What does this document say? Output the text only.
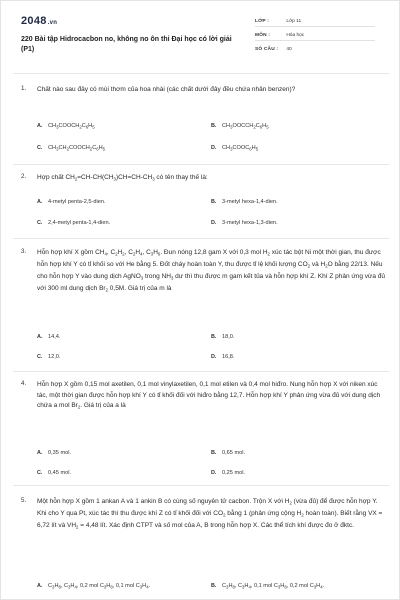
2048.vn
220 Bài tập Hidrocacbon no, không no ôn thi Đại học có lời giải (P1)
LỚP :	Lớp 11
MÔN :	Hóa học
SỐ CÂU : 40
1. Chất nào sau đây có mùi thơm của hoa nhài (các chất dưới đây đều chứa nhân benzen)?
A. $CH_3COOCH_2C_6H_5$	B. $CH_3OOCCH_2C_6H_5$
C. $CH_3CH_2COOCH_2C_6H_5$	D. $CH_3COOC_6H_5$
2. Hợp chất $CH_2=CH-CH(CH_3)CH=CH-CH_3$ có tên thay thế là:
A. 4-metyl penta-2,5-dien.	B. 3-metyl hexa-1,4-dien.
C. 2,4-metyl penta-1,4-dien.	D. 3-metyl hexa-1,3-dien.
3. Hỗn hợp khí X gồm $CH_4$, $C_2H_2$, $C_2H_4$, $C_3H_6$. Đun nóng 12,8 gam X với 0,3 mol $H_2$ xúc tác bột Ni một thời gian, thu được hỗn hợp khí Y có tỉ khối so với He bằng 5. Đốt cháy hoàn toàn Y, thu được tỉ lệ khối lượng $CO_2$ và $H_2O$ bằng 22/13. Nếu cho hỗn hợp Y vào dung dịch AgNO$_3$ trong $NH_3$ dư thì thu được m gam kết tủa và hỗn hợp khí Z. Khí Z phản ứng vừa đủ với 300 ml dung dịch $Br_2$ 0,5M. Giá trị của m là
A. 14,4.	B. 18,0.
C. 12,0.	D. 16,8.
4. Hỗn hợp X gồm 0,15 mol axetilen, 0,1 mol vinylaxetilen, 0,1 mol etilen và 0,4 mol hiđro. Nung hỗn hợp X với niken xúc tác, một thời gian được hỗn hợp khí Y có tỉ khối đối với hiđro bằng 12,7. Hỗn hợp khí Y phản ứng vừa đủ với dung dịch chứa a mol $Br_2$. Giá trị của a là
A. 0,35 mol.	B. 0,65 mol.
C. 0,45 mol.	D. 0,25 mol.
5. Một hỗn hợp X gồm 1 ankan A và 1 ankin B có cùng số nguyên tử cacbon. Trộn X với $H_2$ (vừa đủ) để được hỗn hợp Y. Khi cho Y qua Pt, xúc tác thì thu được khí Z có tỉ khối đối với $CO_2$ bằng 1 (phản ứng cộng $H_2$ hoàn toàn). Biết rằng VX = 6,72 lít và $VH_2 = 4,48$ lít. Xác định CTPT và số mol của A, B trong hỗn hợp X. Các thể tích khí được đo ở đktc.
A. $C_3H_8$, $C_3H_4$, 0,2 mol $C_3H_8$, 0,1 mol $C_3H_4$.	B. $C_3H_8$, $C_3H_4$, 0,1 mol $C_3H_8$, 0,2 mol $C_3H_4$.
